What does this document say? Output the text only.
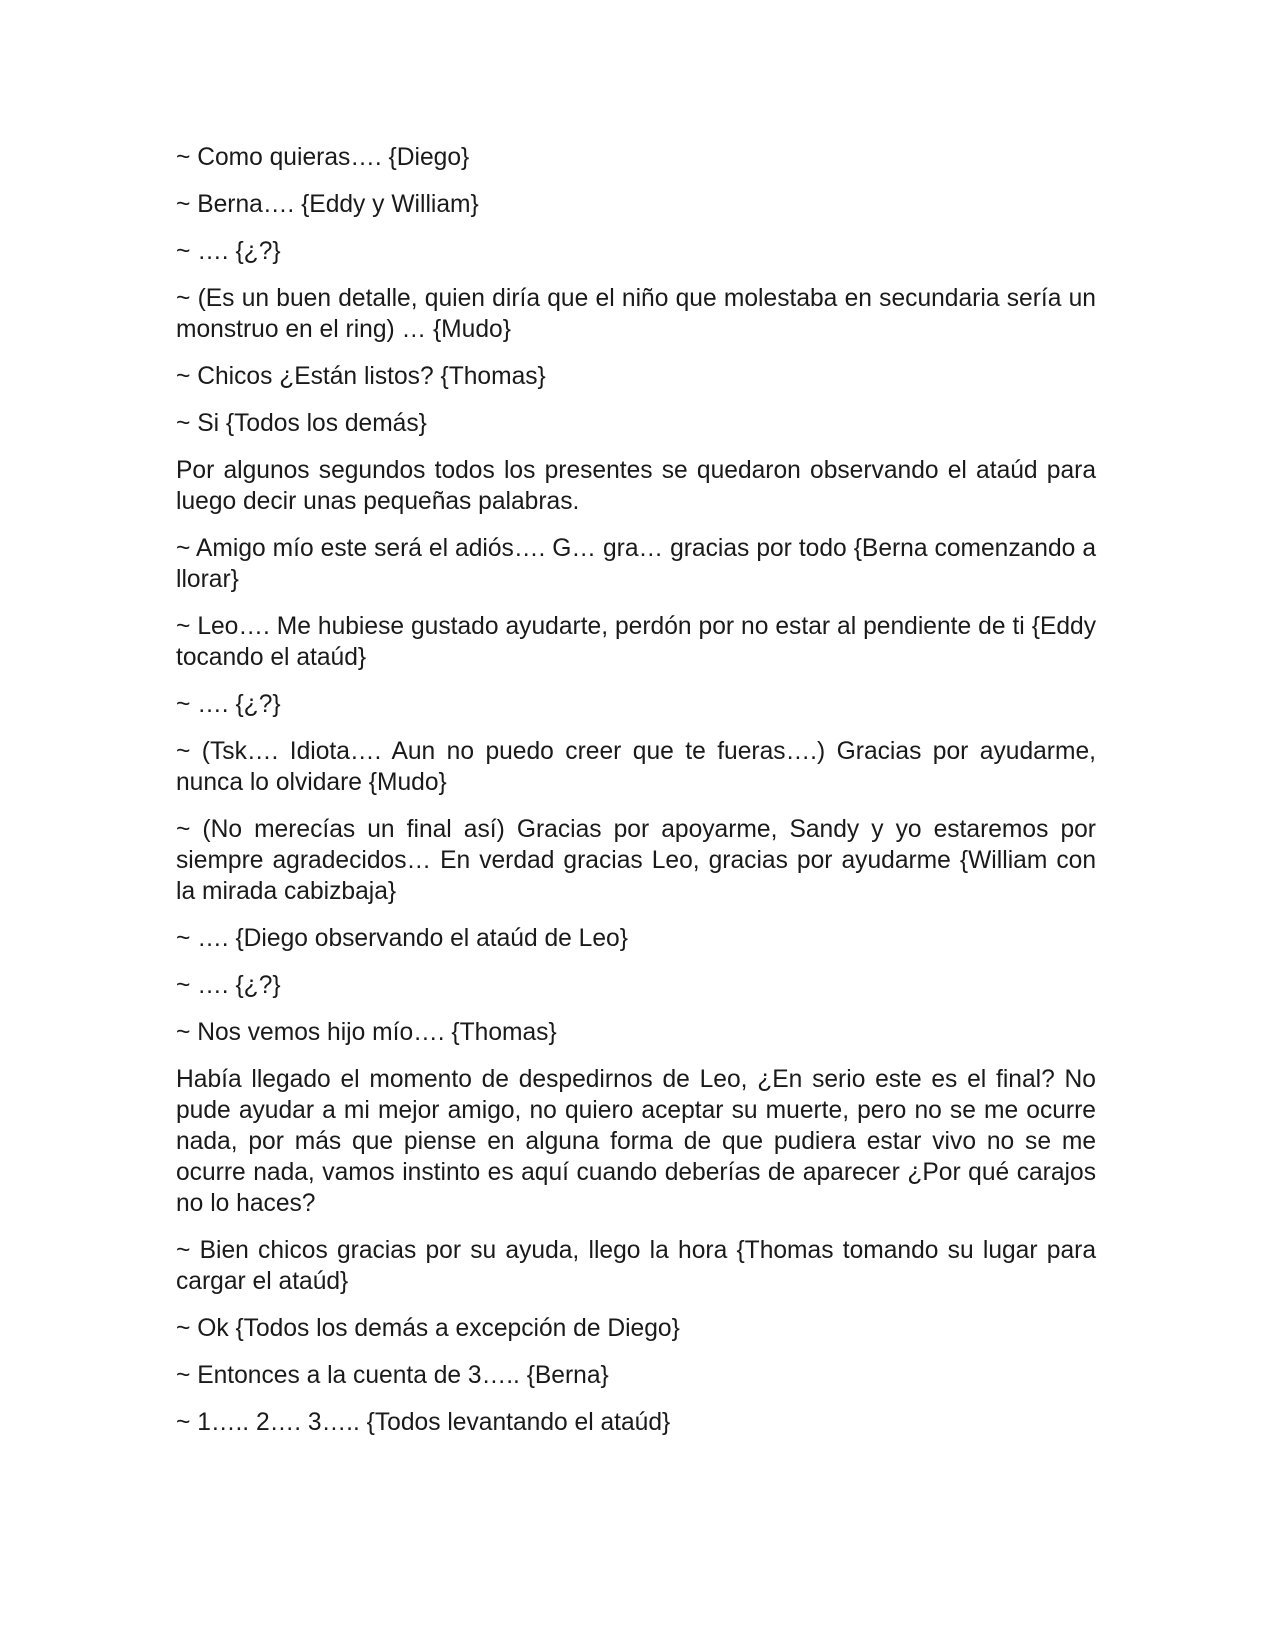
~ Como quieras…. {Diego}

~ Berna…. {Eddy y William}

~ …. {¿?}

~ (Es un buen detalle, quien diría que el niño que molestaba en secundaria sería un monstruo en el ring) … {Mudo}

~ Chicos ¿Están listos? {Thomas}

~ Si {Todos los demás}

Por algunos segundos todos los presentes se quedaron observando el ataúd para luego decir unas pequeñas palabras.

~ Amigo mío este será el adiós…. G… gra… gracias por todo {Berna comenzando a llorar}

~ Leo…. Me hubiese gustado ayudarte, perdón por no estar al pendiente de ti {Eddy tocando el ataúd}

~ …. {¿?}

~ (Tsk…. Idiota…. Aun no puedo creer que te fueras….) Gracias por ayudarme, nunca lo olvidare {Mudo}

~ (No merecías un final así) Gracias por apoyarme, Sandy y yo estaremos por siempre agradecidos… En verdad gracias Leo, gracias por ayudarme {William con la mirada cabizbaja}

~ …. {Diego observando el ataúd de Leo}

~ …. {¿?}

~ Nos vemos hijo mío…. {Thomas}

Había llegado el momento de despedirnos de Leo, ¿En serio este es el final? No pude ayudar a mi mejor amigo, no quiero aceptar su muerte, pero no se me ocurre nada, por más que piense en alguna forma de que pudiera estar vivo no se me ocurre nada, vamos instinto es aquí cuando deberías de aparecer ¿Por qué carajos no lo haces?

~ Bien chicos gracias por su ayuda, llego la hora {Thomas tomando su lugar para cargar el ataúd}

~ Ok {Todos los demás a excepción de Diego}

~ Entonces a la cuenta de 3….. {Berna}

~ 1….. 2…. 3….. {Todos levantando el ataúd}
